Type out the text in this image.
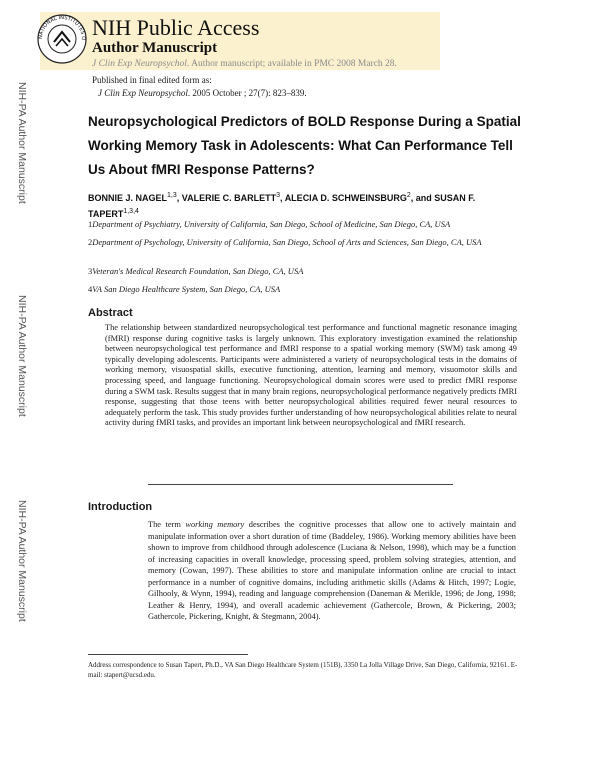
NATIONAL INSTITUTES O NIH Public Access
Author Manuscript
J Clin Exp Neuropsychol. Author manuscript; available in PMC 2008 March 28.
Published in final edited form as:
J Clin Exp Neuropsychol. 2005 October ; 27(7): 823–839.
NIH-PA Author Manuscript
NIH-PA Author Manuscript
NIH-PA Author Manuscript
Neuropsychological Predictors of BOLD Response During a Spatial Working Memory Task in Adolescents: What Can Performance Tell Us About fMRI Response Patterns?
BONNIE J. NAGEL$^{1,3}$, VALERIE C. BARLETT$^3$, ALECIA D. SCHWEINSBURG$^2$, and SUSAN F. TAPERT$^{1,3,4}$
1Department of Psychiatry, University of California, San Diego, School of Medicine, San Diego, CA, USA
2Department of Psychology, University of California, San Diego, School of Arts and Sciences, San Diego, CA, USA
3Veteran's Medical Research Foundation, San Diego, CA, USA
4VA San Diego Healthcare System, San Diego, CA, USA
Abstract
The relationship between standardized neuropsychological test performance and functional magnetic resonance imaging (fMRI) response during cognitive tasks is largely unknown. This exploratory investigation examined the relationship between neuropsychological test performance and fMRI response to a spatial working memory (SWM) task among 49 typically developing adolescents. Participants were administered a variety of neuropsychological tests in the domains of working memory, visuospatial skills, executive functioning, attention, learning and memory, visuomotor skills and processing speed, and language functioning. Neuropsychological domain scores were used to predict fMRI response during a SWM task. Results suggest that in many brain regions, neuropsychological performance negatively predicts fMRI response, suggesting that those teens with better neuropsychological abilities required fewer neural resources to adequately perform the task. This study provides further understanding of how neuropsychological abilities relate to neural activity during fMRI tasks, and provides an important link between neuropsychological and fMRI research.
Introduction
The term working memory describes the cognitive processes that allow one to actively maintain and manipulate information over a short duration of time (Baddeley, 1986). Working memory abilities have been shown to improve from childhood through adolescence (Luciana & Nelson, 1998), which may be a function of increasing capacities in overall knowledge, processing speed, problem solving strategies, attention, and memory (Cowan, 1997). These abilities to store and manipulate information online are crucial to intact performance in a number of cognitive domains, including arithmetic skills (Adams & Hitch, 1997; Logie, Gilhooly, & Wynn, 1994), reading and language comprehension (Daneman & Merikle, 1996; de Jong, 1998; Leather & Henry, 1994), and overall academic achievement (Gathercole, Brown, & Pickering, 2003; Gathercole, Pickering, Knight, & Stegmann, 2004).
Address correspondence to Susan Tapert, Ph.D., VA San Diego Healthcare System (151B), 3350 La Jolla Village Drive, San Diego, California, 92161. E-mail: stapert@ucsd.edu.
